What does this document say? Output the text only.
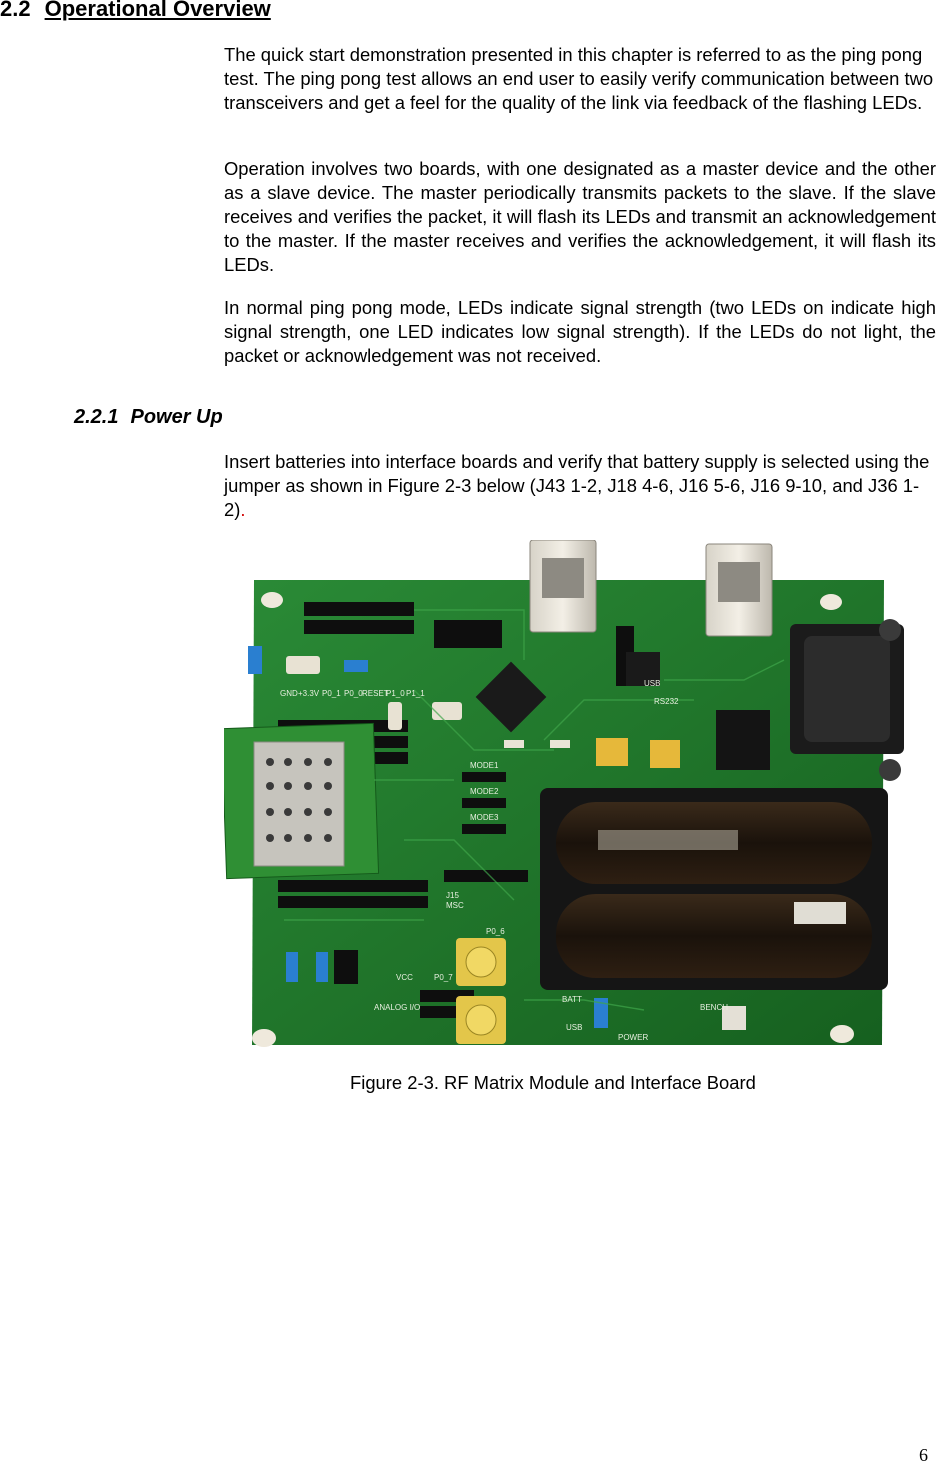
2.2 Operational Overview
The quick start demonstration presented in this chapter is referred to as the ping pong test. The ping pong test allows an end user to easily verify communication between two transceivers and get a feel for the quality of the link via feedback of the flashing LEDs.
Operation involves two boards, with one designated as a master device and the other as a slave device. The master periodically transmits packets to the slave. If the slave receives and verifies the packet, it will flash its LEDs and transmit an acknowledgement to the master. If the master receives and verifies the acknowledgement, it will flash its LEDs.
In normal ping pong mode, LEDs indicate signal strength (two LEDs on indicate high signal strength, one LED indicates low signal strength). If the LEDs do not light, the packet or acknowledgement was not received.
2.2.1 Power Up
Insert batteries into interface boards and verify that battery supply is selected using the jumper as shown in Figure 2-3 below (J43 1-2, J18 4-6, J16 5-6, J16 9-10, and J36 1-2).
GND +3.3V P0_1 P0_0 RESET
P1_0 P1_1
MODE1
MODE2
MODE3
P0_6
P0_7
VCC
ANALOG I/O
BATT
USB
POWER
BENCH
J15
MSC
RS232
USB
Figure 2-3. RF Matrix Module and Interface Board
6
